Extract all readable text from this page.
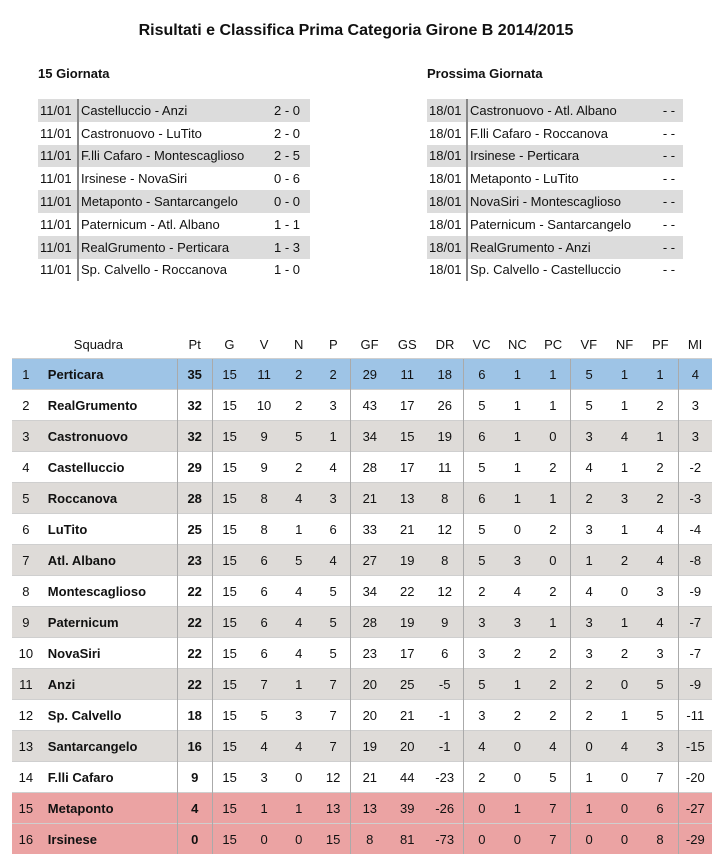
Risultati e Classifica Prima Categoria Girone B 2014/2015
15 Giornata	Prossima Giornata
11/01	Castelluccio - Anzi	2 - 0
11/01	Castronuovo - LuTito	2 - 0
11/01	F.lli Cafaro - Montescaglioso	2 - 5
11/01	Irsinese - NovaSiri	0 - 6
11/01	Metaponto - Santarcangelo	0 - 0
11/01	Paternicum - Atl. Albano	1 - 1
11/01	RealGrumento - Perticara	1 - 3
11/01	Sp. Calvello - Roccanova	1 - 0
18/01	Castronuovo - Atl. Albano	- -
18/01	F.lli Cafaro - Roccanova	- -
18/01	Irsinese - Perticara	- -
18/01	Metaponto - LuTito	- -
18/01	NovaSiri - Montescaglioso	- -
18/01	Paternicum - Santarcangelo	- -
18/01	RealGrumento - Anzi	- -
18/01	Sp. Calvello - Castelluccio	- -
	Squadra	Pt	G	V	N	P	GF	GS	DR	VC	NC	PC	VF	NF	PF	MI
1	Perticara	35	15	11	2	2	29	11	18	6	1	1	5	1	1	4
2	RealGrumento	32	15	10	2	3	43	17	26	5	1	1	5	1	2	3
3	Castronuovo	32	15	9	5	1	34	15	19	6	1	0	3	4	1	3
4	Castelluccio	29	15	9	2	4	28	17	11	5	1	2	4	1	2	-2
5	Roccanova	28	15	8	4	3	21	13	8	6	1	1	2	3	2	-3
6	LuTito	25	15	8	1	6	33	21	12	5	0	2	3	1	4	-4
7	Atl. Albano	23	15	6	5	4	27	19	8	5	3	0	1	2	4	-8
8	Montescaglioso	22	15	6	4	5	34	22	12	2	4	2	4	0	3	-9
9	Paternicum	22	15	6	4	5	28	19	9	3	3	1	3	1	4	-7
10	NovaSiri	22	15	6	4	5	23	17	6	3	2	2	3	2	3	-7
11	Anzi	22	15	7	1	7	20	25	-5	5	1	2	2	0	5	-9
12	Sp. Calvello	18	15	5	3	7	20	21	-1	3	2	2	2	1	5	-11
13	Santarcangelo	16	15	4	4	7	19	20	-1	4	0	4	0	4	3	-15
14	F.lli Cafaro	9	15	3	0	12	21	44	-23	2	0	5	1	0	7	-20
15	Metaponto	4	15	1	1	13	13	39	-26	0	1	7	1	0	6	-27
16	Irsinese	0	15	0	0	15	8	81	-73	0	0	7	0	0	8	-29
